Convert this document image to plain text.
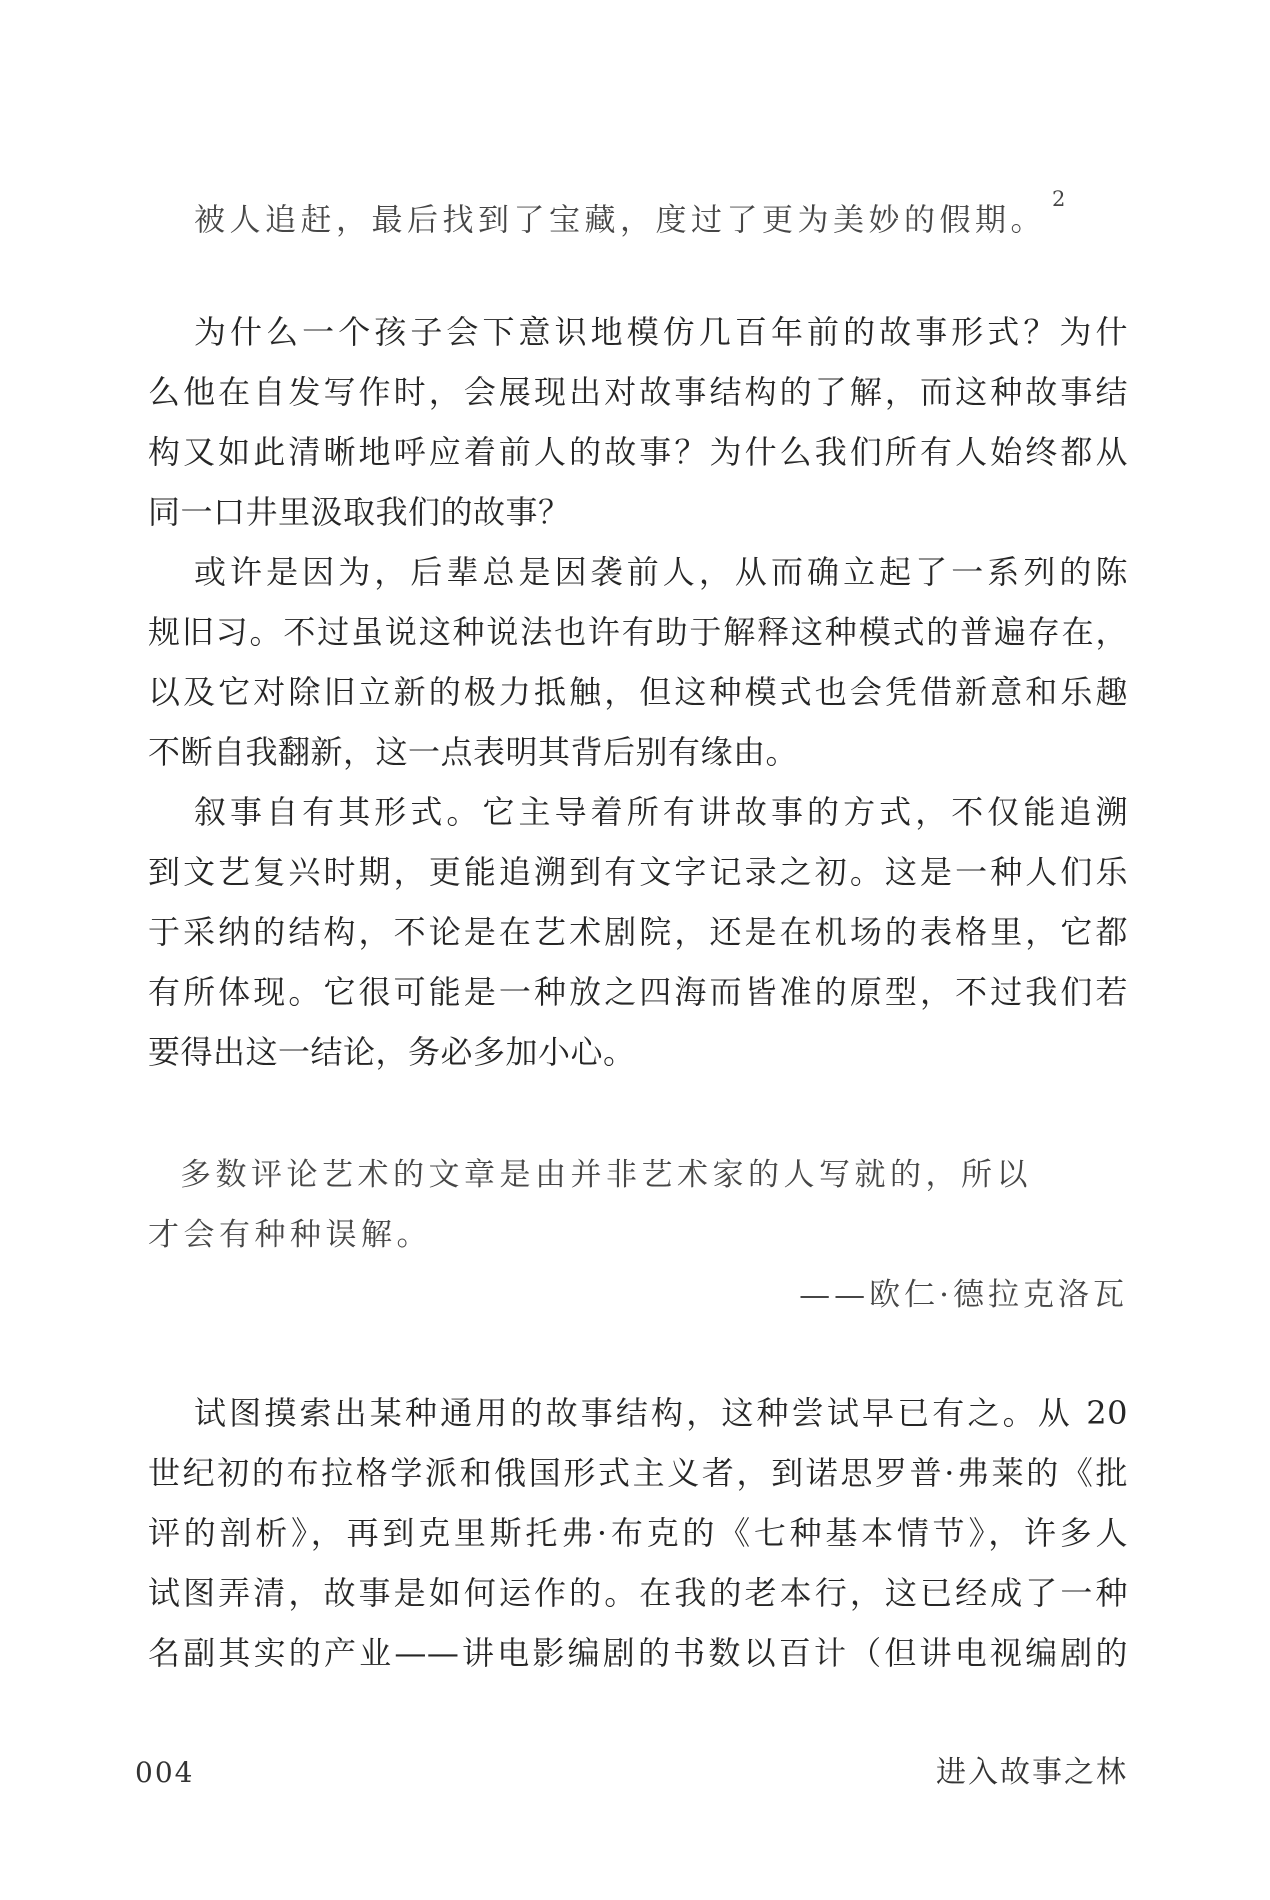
被人追赶，最后找到了宝藏，度过了更为美妙的假期。$^2$
为什么一个孩子会下意识地模仿几百年前的故事形式？为什
么他在自发写作时，会展现出对故事结构的了解，而这种故事结
构又如此清晰地呼应着前人的故事？为什么我们所有人始终都从
同一口井里汲取我们的故事？
或许是因为，后辈总是因袭前人，从而确立起了一系列的陈
规旧习。不过虽说这种说法也许有助于解释这种模式的普遍存在，
以及它对除旧立新的极力抵触，但这种模式也会凭借新意和乐趣
不断自我翻新，这一点表明其背后别有缘由。
叙事自有其形式。它主导着所有讲故事的方式，不仅能追溯
到文艺复兴时期，更能追溯到有文字记录之初。这是一种人们乐
于采纳的结构，不论是在艺术剧院，还是在机场的表格里，它都
有所体现。它很可能是一种放之四海而皆准的原型，不过我们若
要得出这一结论，务必多加小心。
多数评论艺术的文章是由并非艺术家的人写就的，所以
才会有种种误解。
——欧仁·德拉克洛瓦
试图摸索出某种通用的故事结构，这种尝试早已有之。从 20
世纪初的布拉格学派和俄国形式主义者，到诺思罗普·弗莱的《批
评的剖析》，再到克里斯托弗·布克的《七种基本情节》，许多人
试图弄清，故事是如何运作的。在我的老本行，这已经成了一种
名副其实的产业——讲电影编剧的书数以百计（但讲电视编剧的
004	进入故事之林
